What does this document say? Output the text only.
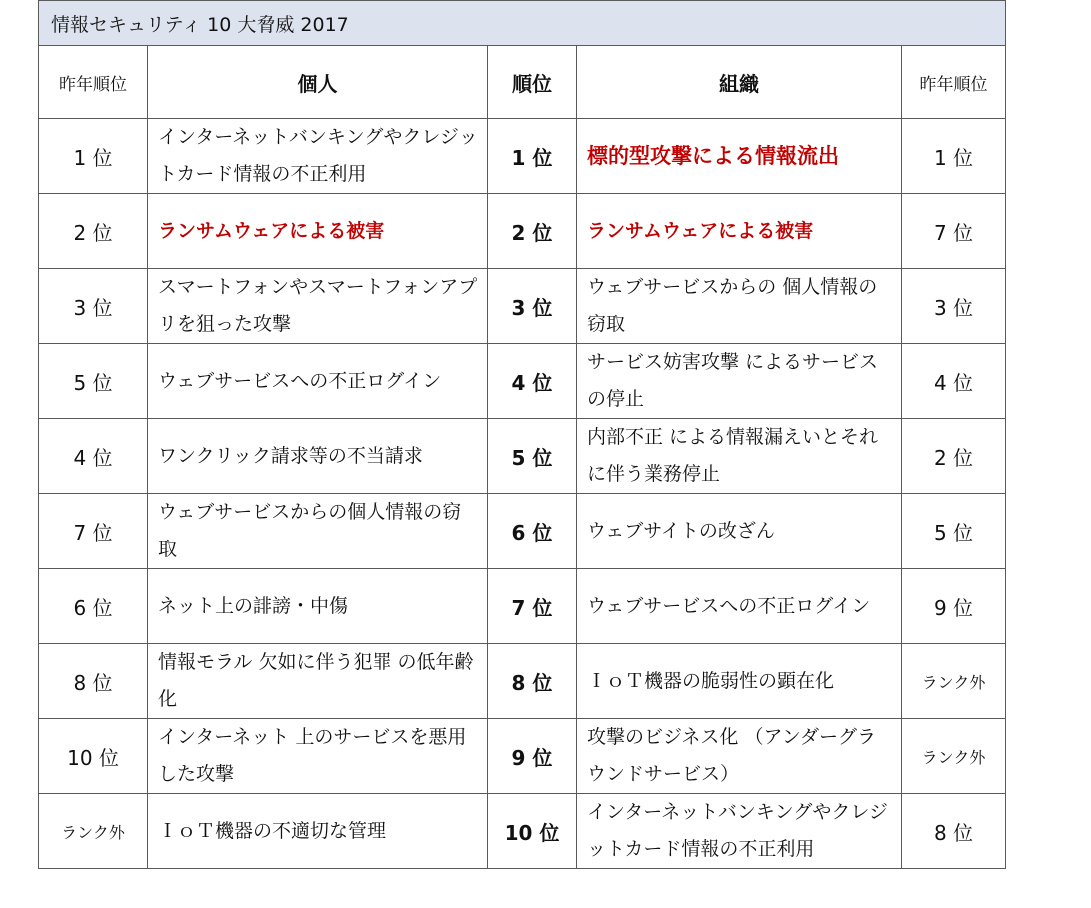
情報セキュリティ 10 大脅威 2017				
昨年順位	個人	順位	組織	昨年順位
1 位	インターネットバンキングやクレジットカード情報の不正利用	1 位	標的型攻撃による情報流出	1 位
2 位	ランサムウェアによる被害	2 位	ランサムウェアによる被害	7 位
3 位	スマートフォンやスマートフォンアプリを狙った攻撃	3 位	ウェブサービスからの 個人情報の窃取	3 位
5 位	ウェブサービスへの不正ログイン	4 位	サービス妨害攻撃 によるサービスの停止	4 位
4 位	ワンクリック請求等の不当請求	5 位	内部不正 による情報漏えいとそれに伴う業務停止	2 位
7 位	ウェブサービスからの個人情報の窃取	6 位	ウェブサイトの改ざん	5 位
6 位	ネット上の誹謗・中傷	7 位	ウェブサービスへの不正ログイン	9 位
8 位	情報モラル 欠如に伴う犯罪 の低年齢化	8 位	ＩｏＴ機器の脆弱性の顕在化	ランク外
10 位	インターネット 上のサービスを悪用した攻撃	9 位	攻撃のビジネス化 （アンダーグラウンドサービス）	ランク外
ランク外	ＩｏＴ機器の不適切な管理	10 位	インターネットバンキングやクレジットカード情報の不正利用	8 位
